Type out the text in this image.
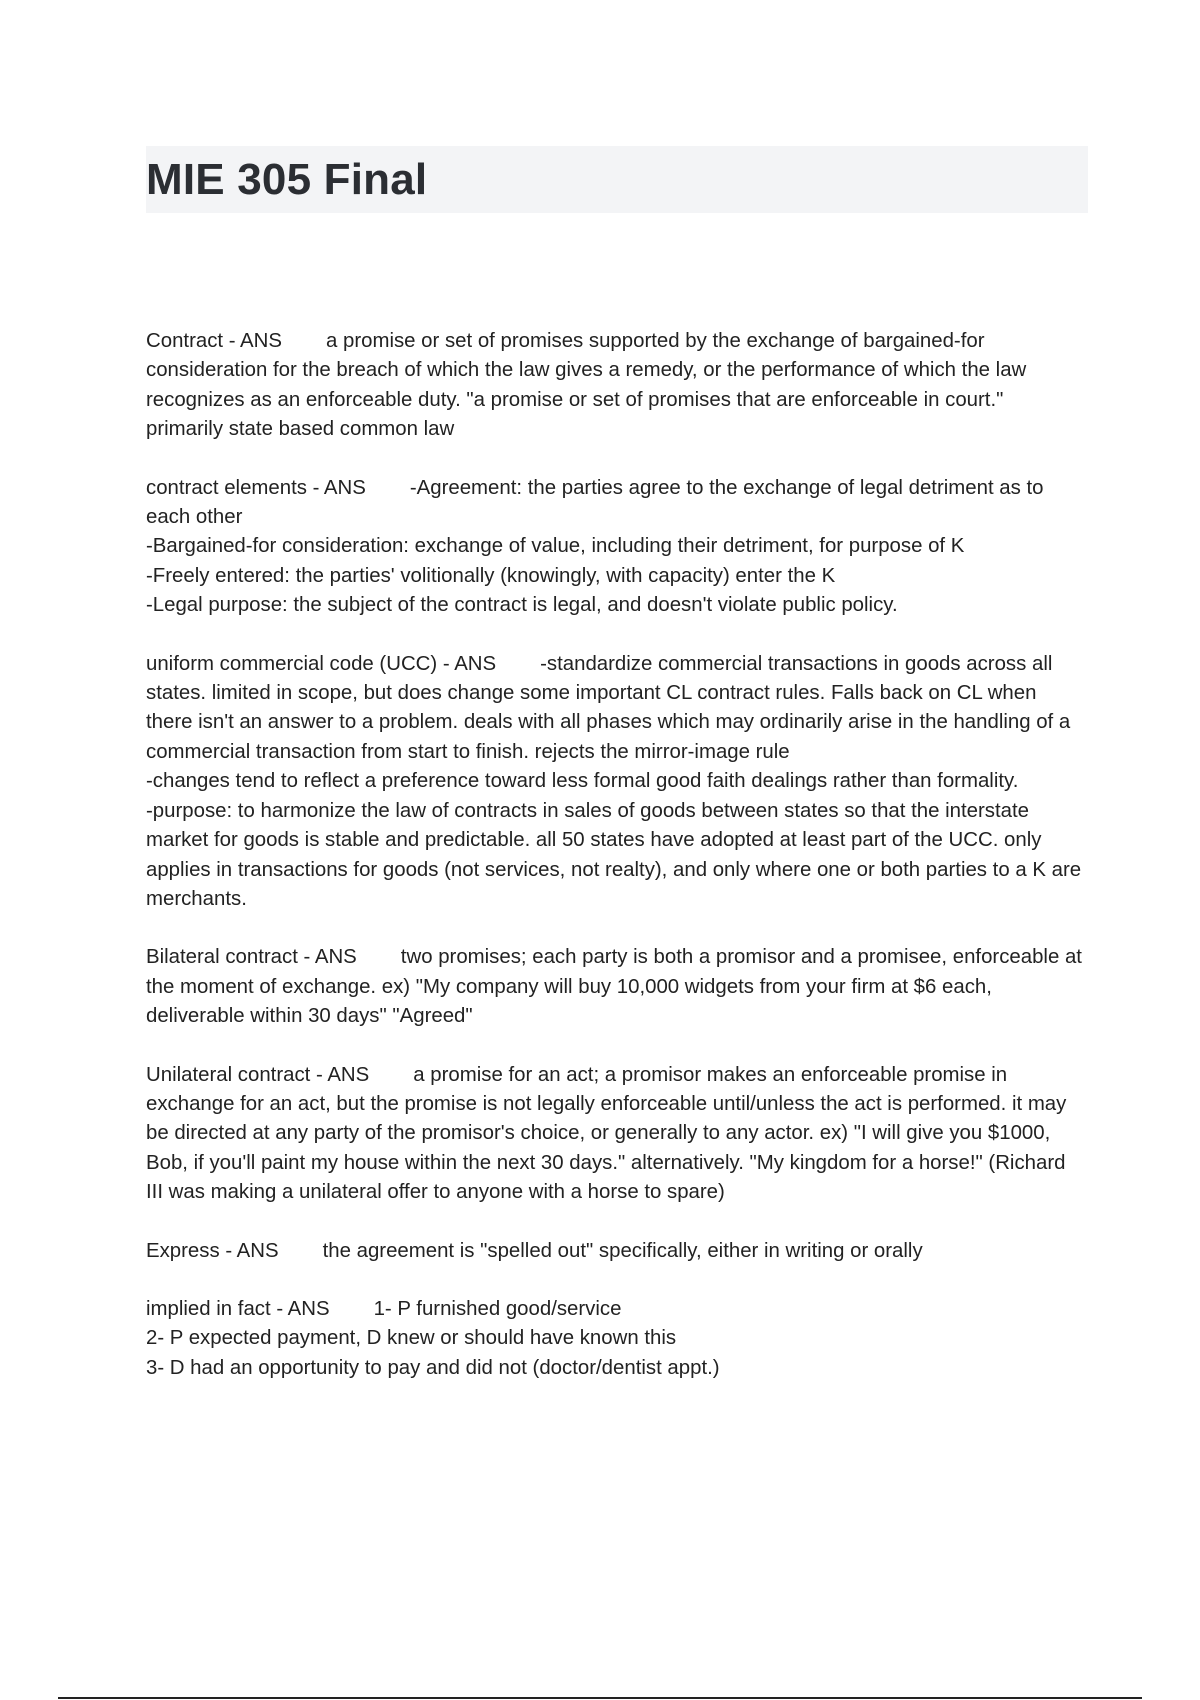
MIE 305 Final

Contract - ANS a promise or set of promises supported by the exchange of bargained-for consideration for the breach of which the law gives a remedy, or the performance of which the law recognizes as an enforceable duty. "a promise or set of promises that are enforceable in court." primarily state based common law

contract elements - ANS -Agreement: the parties agree to the exchange of legal detriment as to each other

-Bargained-for consideration: exchange of value, including their detriment, for purpose of K

-Freely entered: the parties' volitionally (knowingly, with capacity) enter the K

-Legal purpose: the subject of the contract is legal, and doesn't violate public policy.

uniform commercial code (UCC) - ANS -standardize commercial transactions in goods across all states. limited in scope, but does change some important CL contract rules. Falls back on CL when there isn't an answer to a problem. deals with all phases which may ordinarily arise in the handling of a commercial transaction from start to finish. rejects the mirror-image rule

-changes tend to reflect a preference toward less formal good faith dealings rather than formality.

-purpose: to harmonize the law of contracts in sales of goods between states so that the interstate market for goods is stable and predictable. all 50 states have adopted at least part of the UCC. only applies in transactions for goods (not services, not realty), and only where one or both parties to a K are merchants.

Bilateral contract - ANS two promises; each party is both a promisor and a promisee, enforceable at the moment of exchange. ex) "My company will buy 10,000 widgets from your firm at $6 each, deliverable within 30 days" "Agreed"

Unilateral contract - ANS a promise for an act; a promisor makes an enforceable promise in exchange for an act, but the promise is not legally enforceable until/unless the act is performed. it may be directed at any party of the promisor's choice, or generally to any actor. ex) "I will give you $1000, Bob, if you'll paint my house within the next 30 days." alternatively. "My kingdom for a horse!" (Richard III was making a unilateral offer to anyone with a horse to spare)

Express - ANS the agreement is "spelled out" specifically, either in writing or orally

implied in fact - ANS 1- P furnished good/service

2- P expected payment, D knew or should have known this

3- D had an opportunity to pay and did not (doctor/dentist appt.)
